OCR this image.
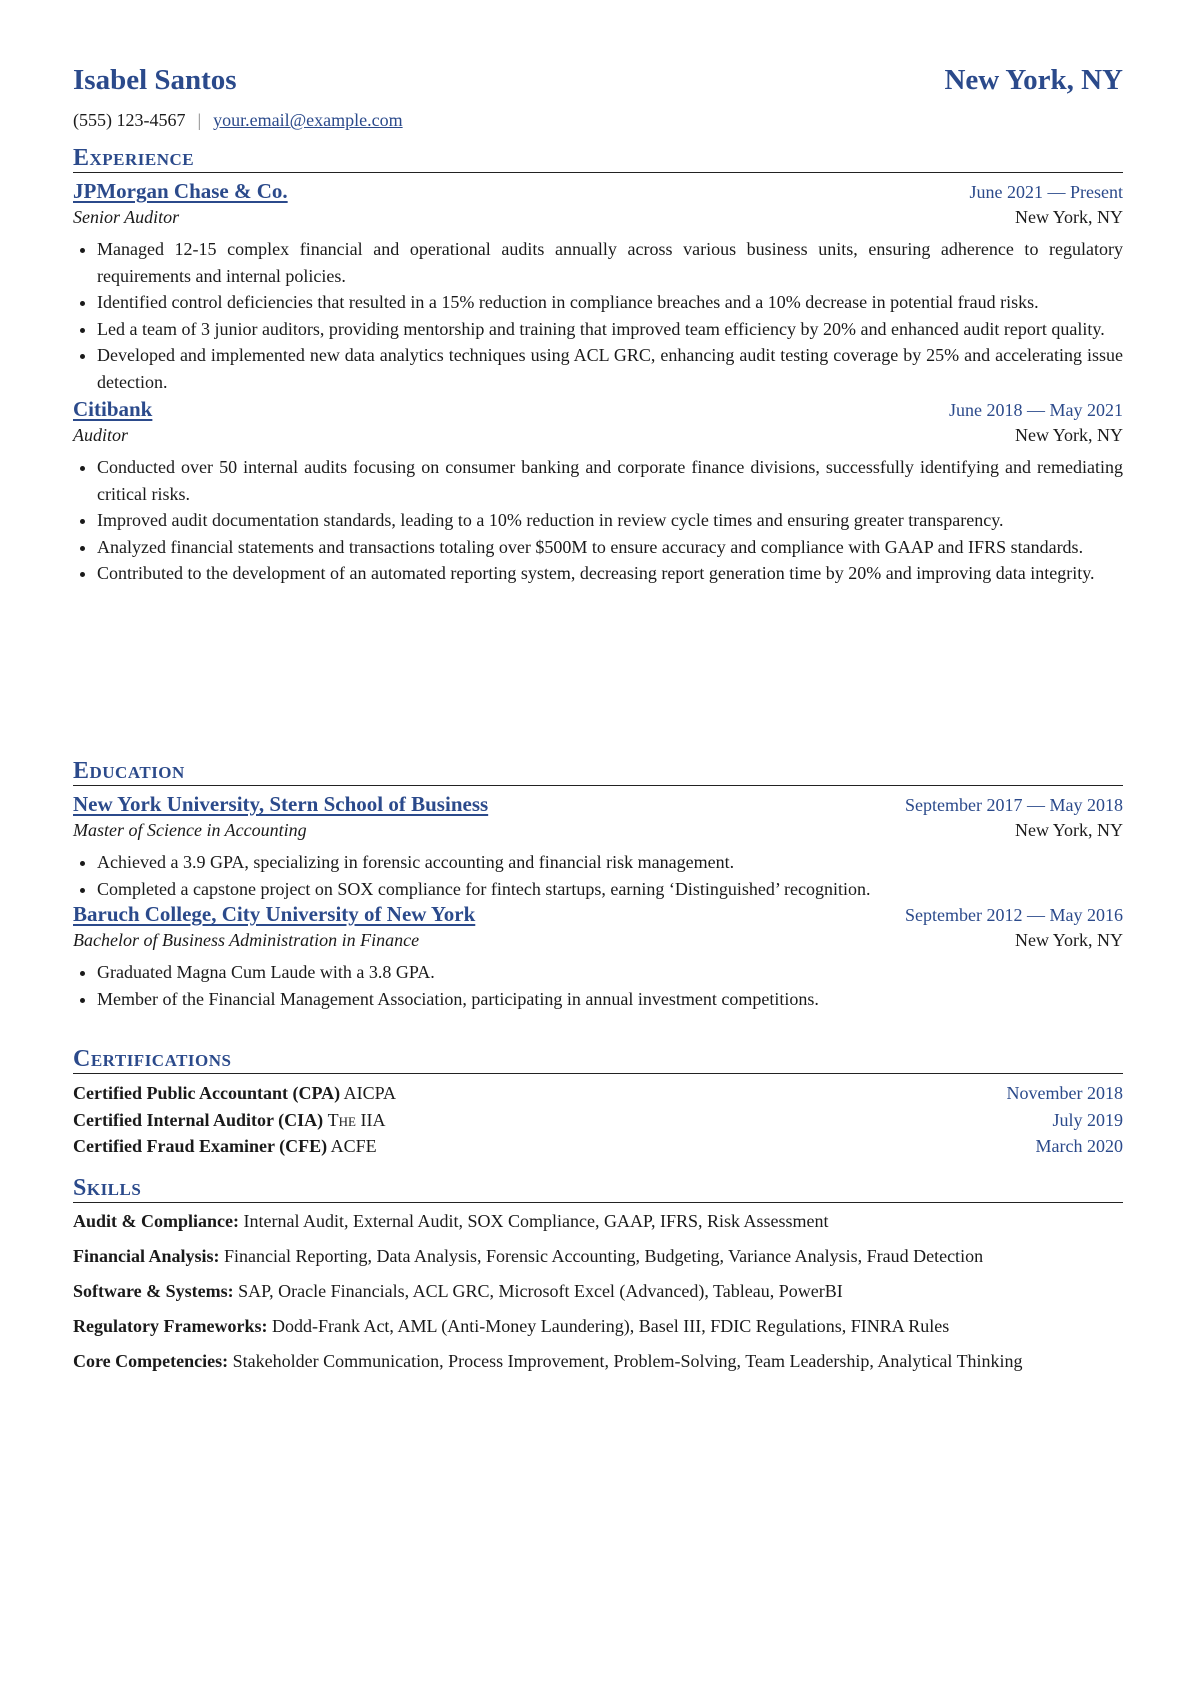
Isabel Santos	New York, NY
(555) 123-4567 | your.email@example.com
Experience
JPMorgan Chase & Co.	June 2021 — Present
Senior Auditor	New York, NY
• Managed 12-15 complex financial and operational audits annually across various business units, ensuring adherence to regulatory requirements and internal policies.
• Identified control deficiencies that resulted in a 15% reduction in compliance breaches and a 10% decrease in potential fraud risks.
• Led a team of 3 junior auditors, providing mentorship and training that improved team efficiency by 20% and enhanced audit report quality.
• Developed and implemented new data analytics techniques using ACL GRC, enhancing audit testing coverage by 25% and accelerating issue detection.
Citibank	June 2018 — May 2021
Auditor	New York, NY
• Conducted over 50 internal audits focusing on consumer banking and corporate finance divisions, successfully identifying and remediating critical risks.
• Improved audit documentation standards, leading to a 10% reduction in review cycle times and ensuring greater transparency.
• Analyzed financial statements and transactions totaling over $500M to ensure accuracy and compliance with GAAP and IFRS standards.
• Contributed to the development of an automated reporting system, decreasing report generation time by 20% and improving data integrity.
Education
New York University, Stern School of Business	September 2017 — May 2018
Master of Science in Accounting	New York, NY
• Achieved a 3.9 GPA, specializing in forensic accounting and financial risk management.
• Completed a capstone project on SOX compliance for fintech startups, earning ‘Distinguished’ recognition.
Baruch College, City University of New York	September 2012 — May 2016
Bachelor of Business Administration in Finance	New York, NY
• Graduated Magna Cum Laude with a 3.8 GPA.
• Member of the Financial Management Association, participating in annual investment competitions.
Certifications
Certified Public Accountant (CPA) AICPA	November 2018
Certified Internal Auditor (CIA) The IIA	July 2019
Certified Fraud Examiner (CFE) ACFE	March 2020
Skills
Audit & Compliance: Internal Audit, External Audit, SOX Compliance, GAAP, IFRS, Risk Assessment
Financial Analysis: Financial Reporting, Data Analysis, Forensic Accounting, Budgeting, Variance Analysis, Fraud Detection
Software & Systems: SAP, Oracle Financials, ACL GRC, Microsoft Excel (Advanced), Tableau, PowerBI
Regulatory Frameworks: Dodd-Frank Act, AML (Anti-Money Laundering), Basel III, FDIC Regulations, FINRA Rules
Core Competencies: Stakeholder Communication, Process Improvement, Problem-Solving, Team Leadership, Analytical Thinking
